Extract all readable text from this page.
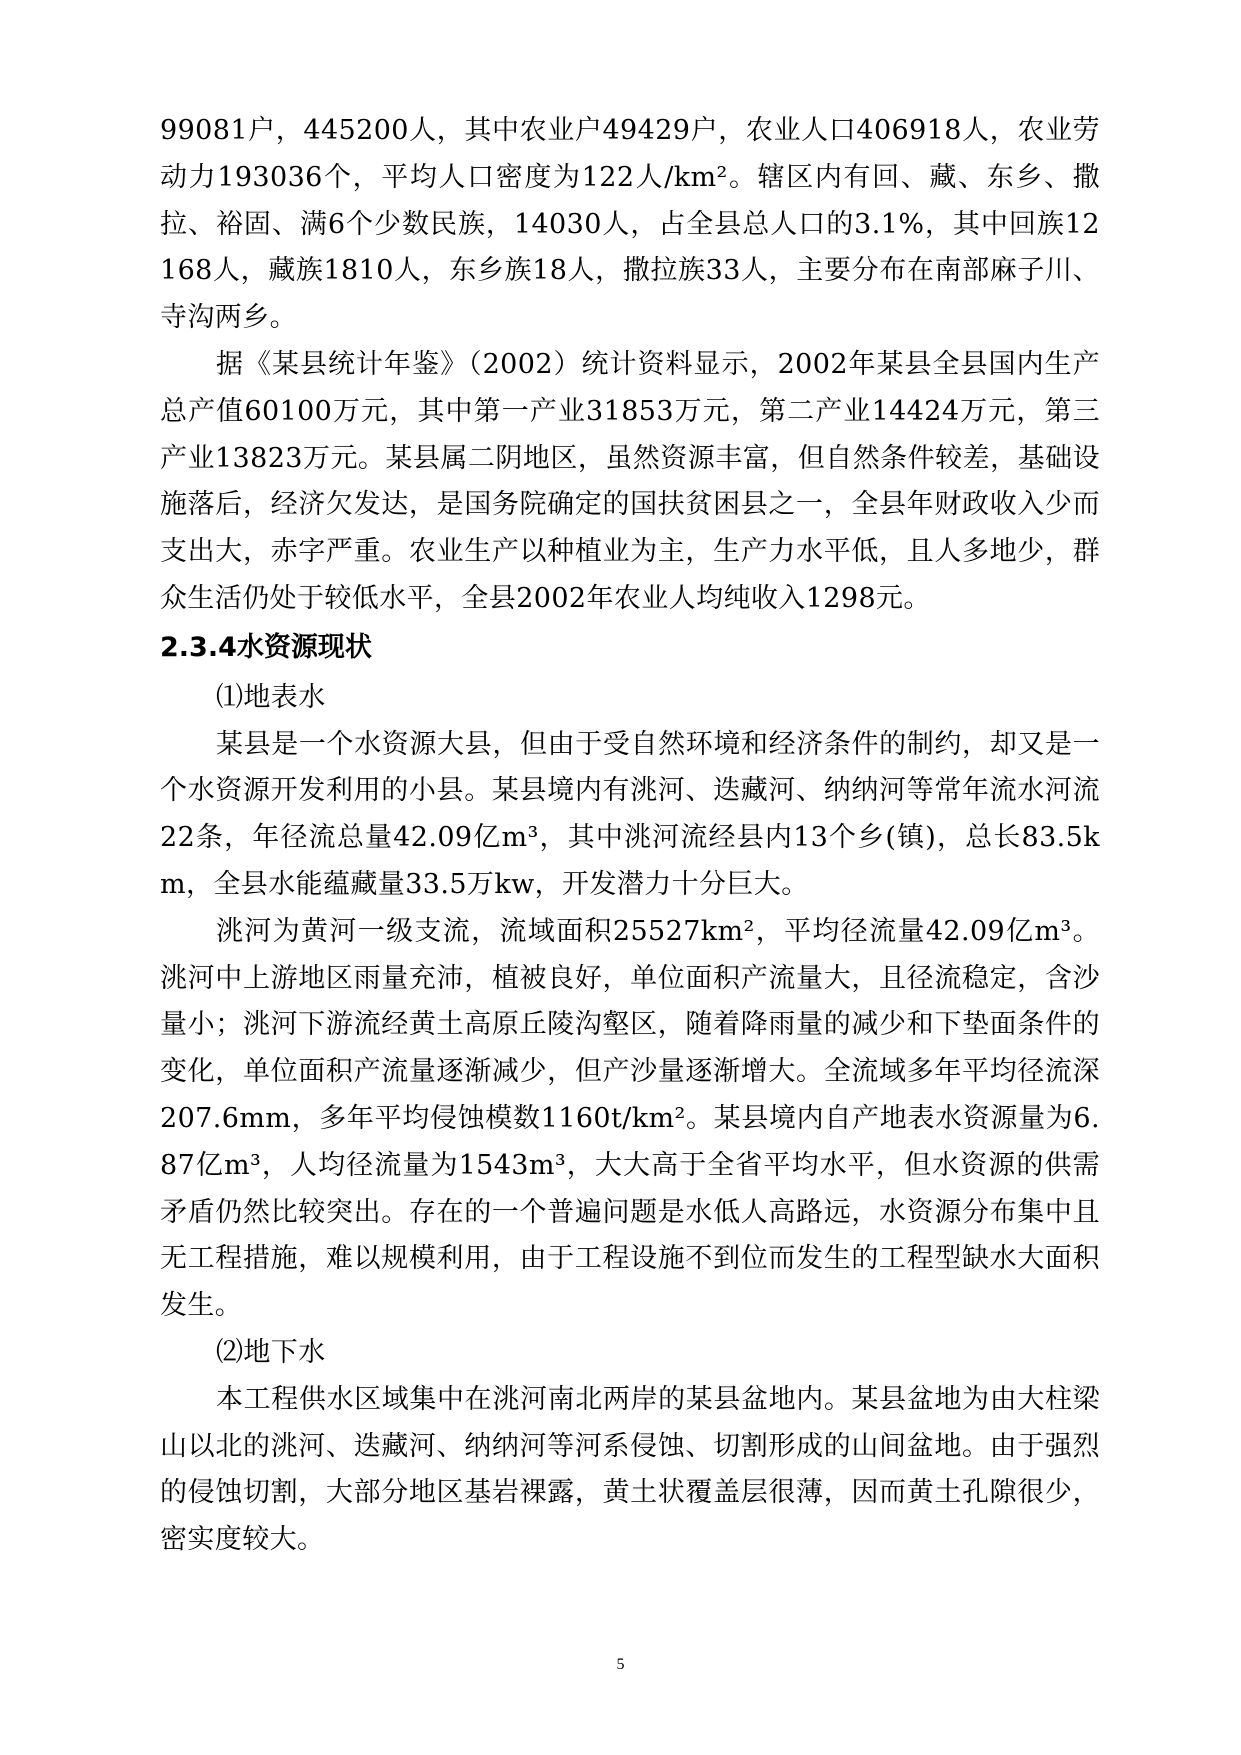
99081户，445200人，其中农业户49429户，农业人口406918人，农业劳动力193036个，平均人口密度为122人/km²。辖区内有回、藏、东乡、撒拉、裕固、满6个少数民族，14030人，占全县总人口的3.1%，其中回族12168人，藏族1810人，东乡族18人，撒拉族33人，主要分布在南部麻子川、寺沟两乡。

据《某县统计年鉴》（2002）统计资料显示，2002年某县全县国内生产总产值60100万元，其中第一产业31853万元，第二产业14424万元，第三产业13823万元。某县属二阴地区，虽然资源丰富，但自然条件较差，基础设施落后，经济欠发达，是国务院确定的国扶贫困县之一，全县年财政收入少而支出大，赤字严重。农业生产以种植业为主，生产力水平低，且人多地少，群众生活仍处于较低水平，全县2002年农业人均纯收入1298元。

2.3.4水资源现状

⑴地表水

某县是一个水资源大县，但由于受自然环境和经济条件的制约，却又是一个水资源开发利用的小县。某县境内有洮河、迭藏河、纳纳河等常年流水河流22条，年径流总量42.09亿m³，其中洮河流经县内13个乡(镇)，总长83.5km，全县水能蕴藏量33.5万kw，开发潜力十分巨大。

洮河为黄河一级支流，流域面积25527km²，平均径流量42.09亿m³。洮河中上游地区雨量充沛，植被良好，单位面积产流量大，且径流稳定，含沙量小；洮河下游流经黄土高原丘陵沟壑区，随着降雨量的减少和下垫面条件的变化，单位面积产流量逐渐减少，但产沙量逐渐增大。全流域多年平均径流深207.6mm，多年平均侵蚀模数1160t/km²。某县境内自产地表水资源量为6.87亿m³，人均径流量为1543m³，大大高于全省平均水平，但水资源的供需矛盾仍然比较突出。存在的一个普遍问题是水低人高路远，水资源分布集中且无工程措施，难以规模利用，由于工程设施不到位而发生的工程型缺水大面积发生。

⑵地下水

本工程供水区域集中在洮河南北两岸的某县盆地内。某县盆地为由大柱梁山以北的洮河、迭藏河、纳纳河等河系侵蚀、切割形成的山间盆地。由于强烈的侵蚀切割，大部分地区基岩裸露，黄土状覆盖层很薄，因而黄土孔隙很少，密实度较大。

5
